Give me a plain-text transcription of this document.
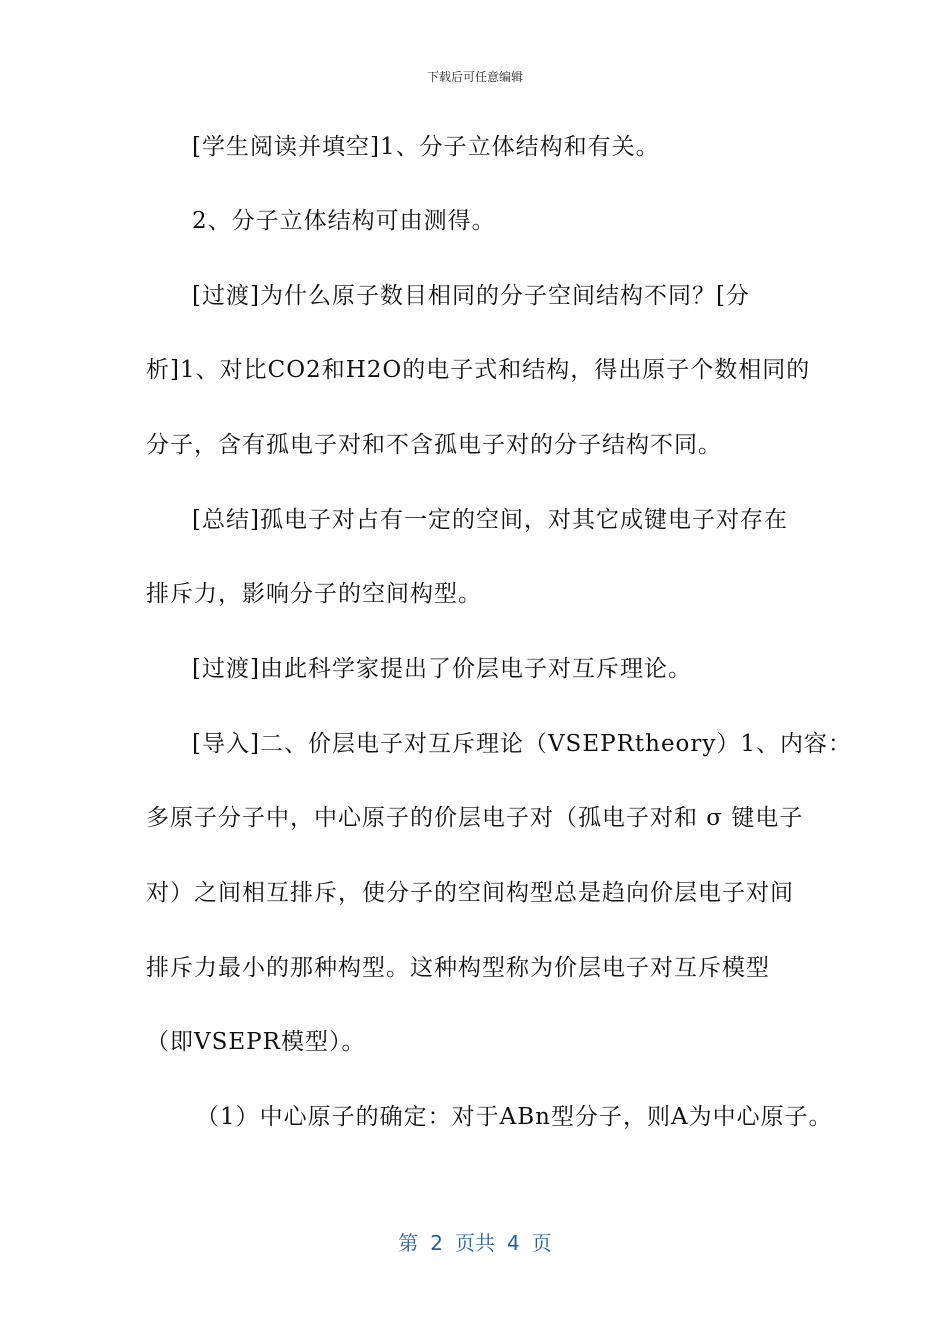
下载后可任意编辑
[学生阅读并填空]1、分子立体结构和有关。
2、分子立体结构可由测得。
[过渡]为什么原子数目相同的分子空间结构不同？[分
析]1、对比CO2和H2O的电子式和结构，得出原子个数相同的
分子，含有孤电子对和不含孤电子对的分子结构不同。
[总结]孤电子对占有一定的空间，对其它成键电子对存在
排斥力，影响分子的空间构型。
[过渡]由此科学家提出了价层电子对互斥理论。
[导入]二、价层电子对互斥理论（VSEPRtheory）1、内容：
多原子分子中，中心原子的价层电子对（孤电子对和 σ 键电子
对）之间相互排斥，使分子的空间构型总是趋向价层电子对间
排斥力最小的那种构型。这种构型称为价层电子对互斥模型
（即VSEPR模型）。
（1）中心原子的确定：对于ABn型分子，则A为中心原子。
第 2 页共 4 页
